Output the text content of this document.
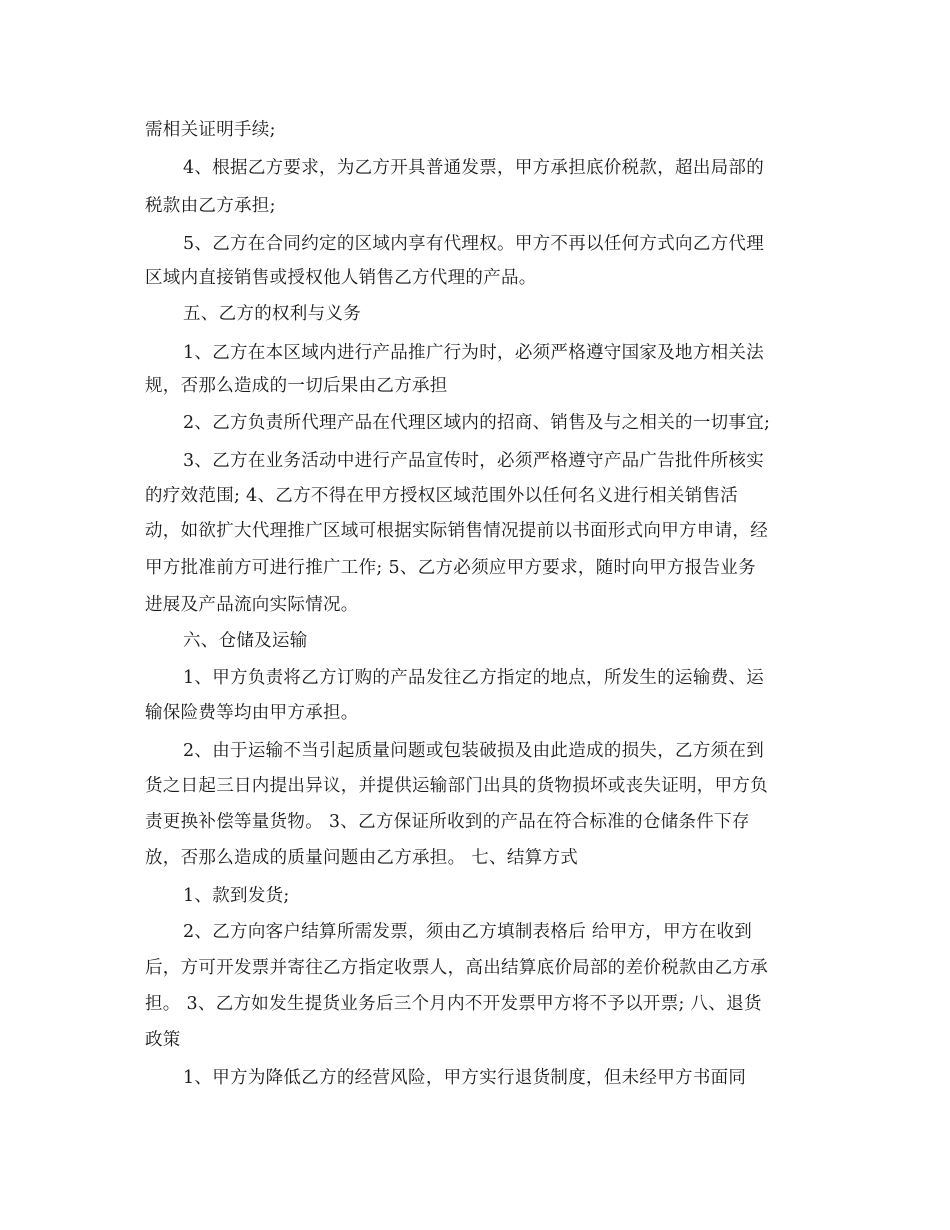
需相关证明手续;
4、根据乙方要求，为乙方开具普通发票，甲方承担底价税款，超出局部的
税款由乙方承担;
5、乙方在合同约定的区域内享有代理权。甲方不再以任何方式向乙方代理
区域内直接销售或授权他人销售乙方代理的产品。
五、乙方的权利与义务
1、乙方在本区域内进行产品推广行为时，必须严格遵守国家及地方相关法
规，否那么造成的一切后果由乙方承担
2、乙方负责所代理产品在代理区域内的招商、销售及与之相关的一切事宜;
3、乙方在业务活动中进行产品宣传时，必须严格遵守产品广告批件所核实
的疗效范围; 4、乙方不得在甲方授权区域范围外以任何名义进行相关销售活
动，如欲扩大代理推广区域可根据实际销售情况提前以书面形式向甲方申请，经
甲方批准前方可进行推广工作; 5、乙方必须应甲方要求，随时向甲方报告业务
进展及产品流向实际情况。
六、仓储及运输
1、甲方负责将乙方订购的产品发往乙方指定的地点，所发生的运输费、运
输保险费等均由甲方承担。
2、由于运输不当引起质量问题或包装破损及由此造成的损失，乙方须在到
货之日起三日内提出异议，并提供运输部门出具的货物损坏或丧失证明，甲方负
责更换补偿等量货物。 3、乙方保证所收到的产品在符合标准的仓储条件下存
放，否那么造成的质量问题由乙方承担。 七、结算方式
1、款到发货;
2、乙方向客户结算所需发票，须由乙方填制表格后 给甲方，甲方在收到
后，方可开发票并寄往乙方指定收票人，高出结算底价局部的差价税款由乙方承
担。 3、乙方如发生提货业务后三个月内不开发票甲方将不予以开票; 八、退货
政策
1、甲方为降低乙方的经营风险，甲方实行退货制度，但未经甲方书面同
